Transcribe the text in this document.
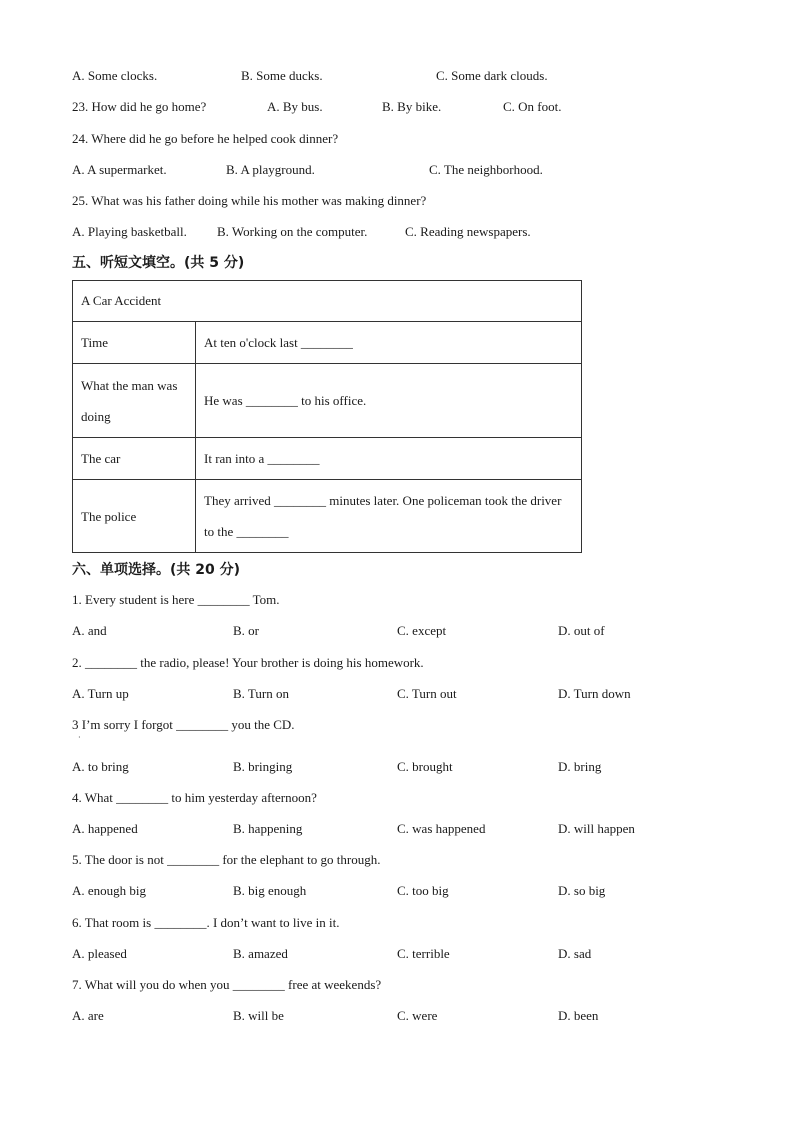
A. Some clocks.	B. Some ducks.	C. Some dark clouds.
23. How did he go home?	A. By bus.	B. By bike.	C. On foot.
24. Where did he go before he helped cook dinner?
A. A supermarket.	B. A playground.	C. The neighborhood.
25. What was his father doing while his mother was making dinner?
A. Playing basketball. B. Working on the computer.	C. Reading newspapers.
五、听短文填空。(共 5 分)
A Car Accident	
Time	At ten o'clock last ________
What the man was doing	He was ________ to his office.
The car	It ran into a ________
The police	They arrived ________ minutes later. One policeman took the driver to the ________
六、单项选择。(共 20 分)
1. Every student is here ________ Tom.
A. and	B. or	C. except	D. out of
2. ________ the radio, please! Your brother is doing his homework.
A. Turn up	B. Turn on	C. Turn out	D. Turn down
3 I’m sorry I forgot ________ you the CD.
·
A. to bring	B. bringing	C. brought	D. bring
4. What ________ to him yesterday afternoon?
A. happened	B. happening	C. was happened	D. will happen
5. The door is not ________ for the elephant to go through.
A. enough big	B. big enough	C. too big	D. so big
6. That room is ________. I don’t want to live in it.
A. pleased	B. amazed	C. terrible	D. sad
7. What will you do when you ________ free at weekends?
A. are	B. will be	C. were	D. been
